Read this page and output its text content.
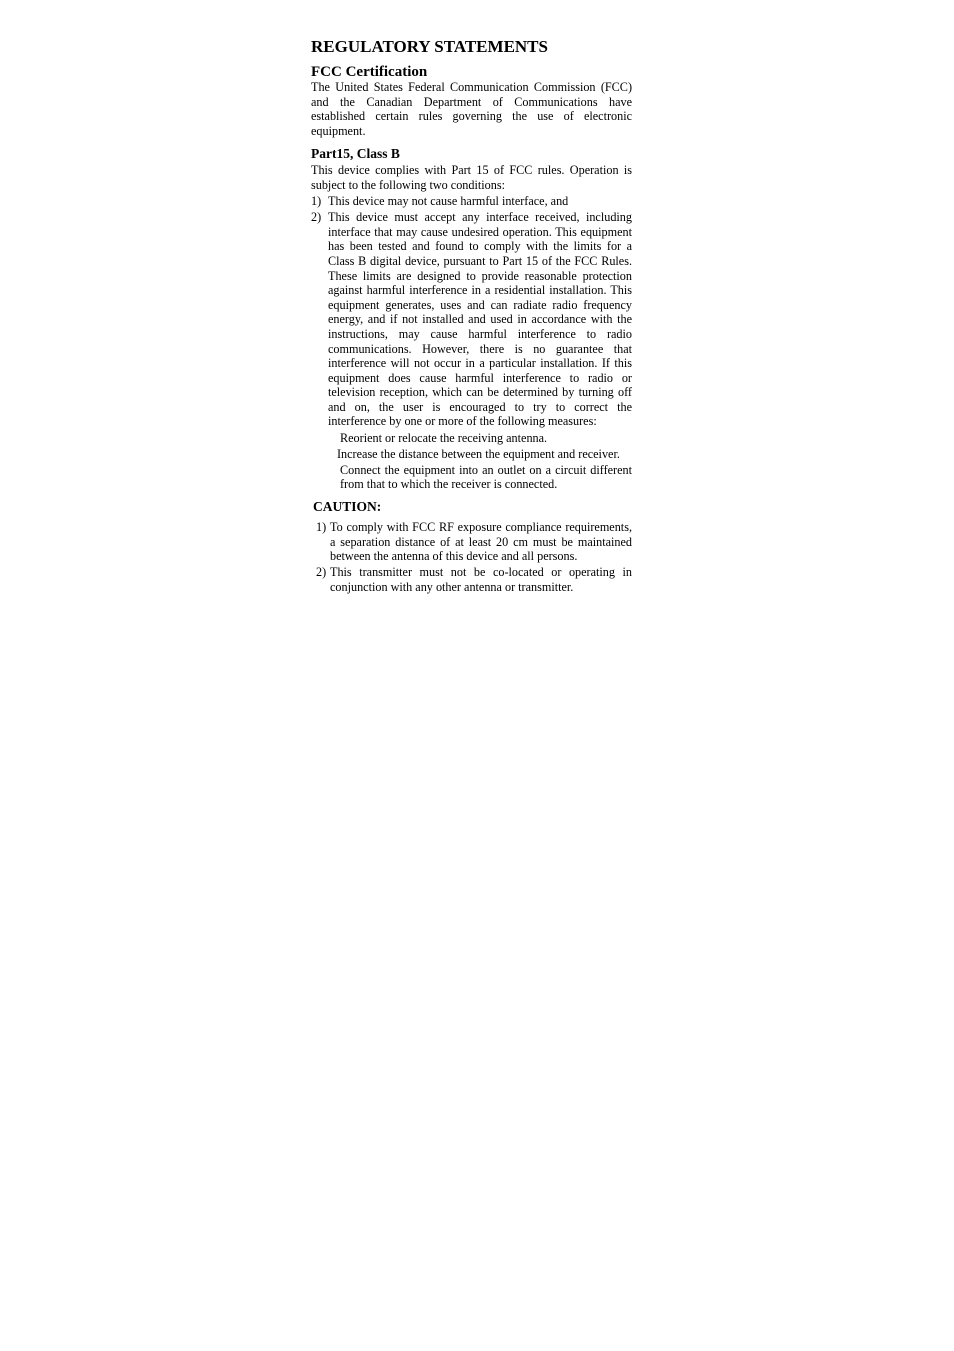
REGULATORY STATEMENTS
FCC Certification

The United States Federal Communication Commission (FCC) and the Canadian Department of Communications have established certain rules governing the use of electronic equipment.

Part15, Class B

This device complies with Part 15 of FCC rules. Operation is subject to the following two conditions:

1) This device may not cause harmful interface, and
2) This device must accept any interface received, including interface that may cause undesired operation. This equipment has been tested and found to comply with the limits for a Class B digital device, pursuant to Part 15 of the FCC Rules. These limits are designed to provide reasonable protection against harmful interference in a residential installation. This equipment generates, uses and can radiate radio frequency energy, and if not installed and used in accordance with the instructions, may cause harmful interference to radio communications. However, there is no guarantee that interference will not occur in a particular installation. If this equipment does cause harmful interference to radio or television reception, which can be determined by turning off and on, the user is encouraged to try to correct the interference by one or more of the following measures:
Reorient or relocate the receiving antenna.
Increase the distance between the equipment and receiver.
Connect the equipment into an outlet on a circuit different from that to which the receiver is connected.
CAUTION:
1) To comply with FCC RF exposure compliance requirements, a separation distance of at least 20 cm must be maintained between the antenna of this device and all persons.
2) This transmitter must not be co-located or operating in conjunction with any other antenna or transmitter.
